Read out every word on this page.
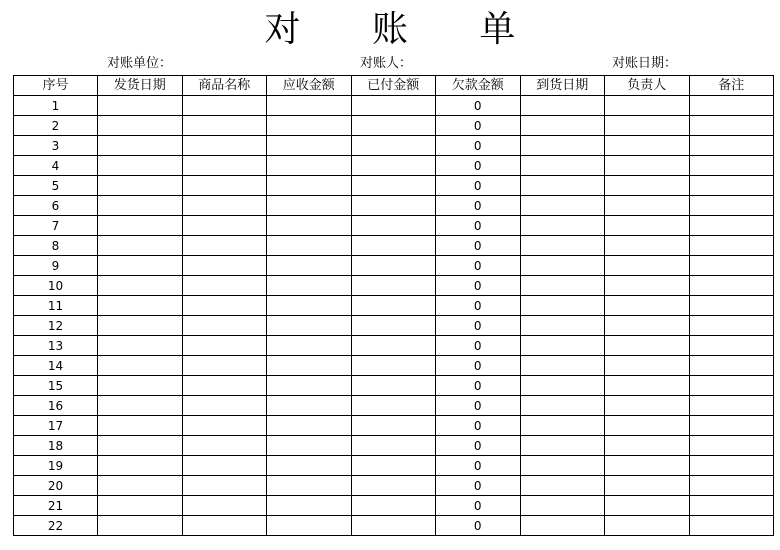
对 账 单
对账单位：	对账人：	对账日期：
序号	发货日期	商品名称	应收金额	已付金额	欠款金额	到货日期	负责人	备注
1					0			
2					0			
3					0			
4					0			
5					0			
6					0			
7					0			
8					0			
9					0			
10					0			
11					0			
12					0			
13					0			
14					0			
15					0			
16					0			
17					0			
18					0			
19					0			
20					0			
21					0			
22					0			
